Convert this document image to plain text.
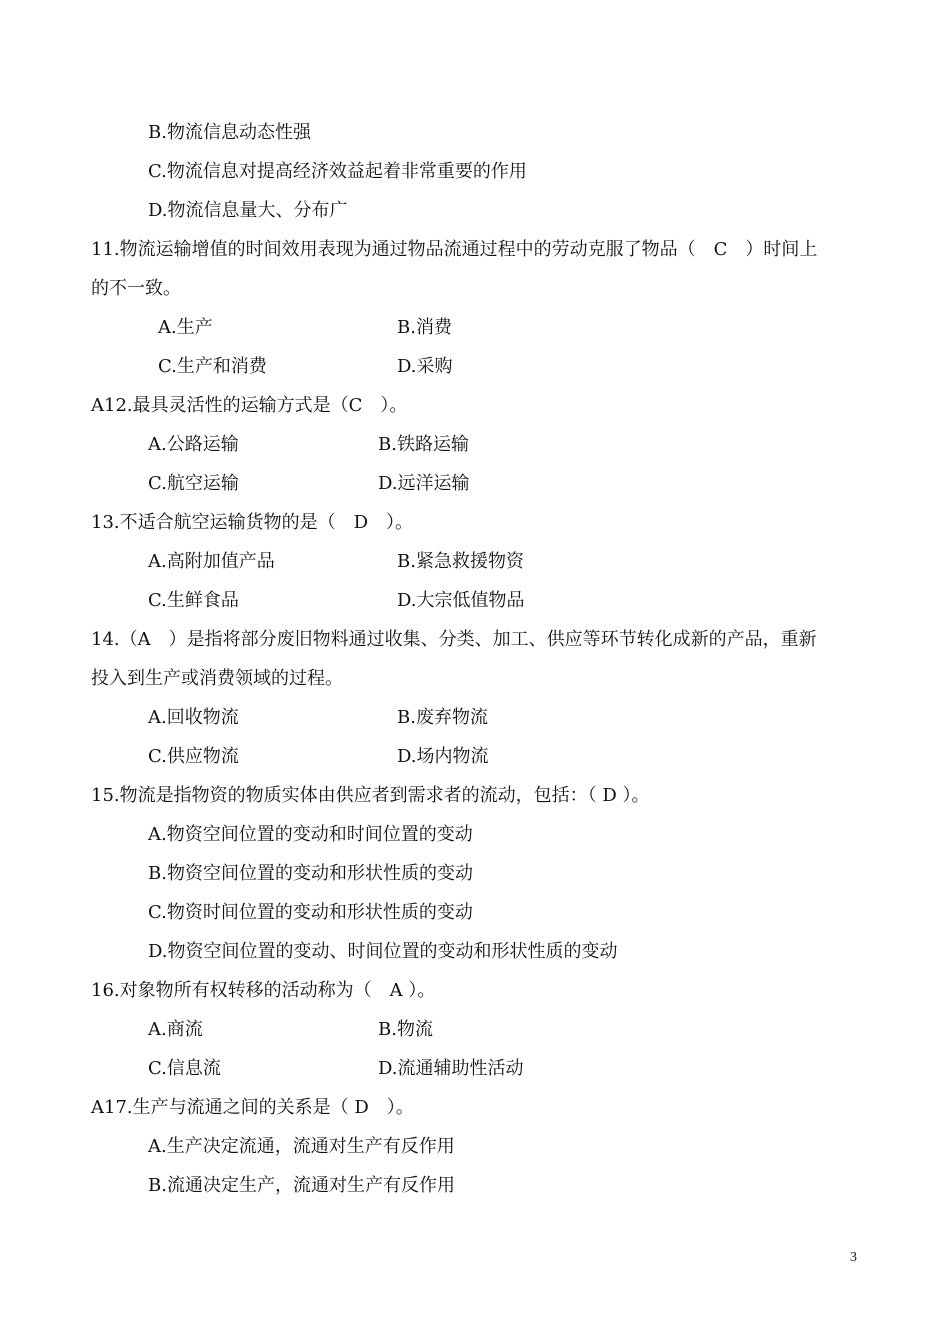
B.物流信息动态性强
C.物流信息对提高经济效益起着非常重要的作用
D.物流信息量大、分布广
11.物流运输增值的时间效用表现为通过物品流通过程中的劳动克服了物品（　C　）时间上
的不一致。
A.生产	B.消费
C.生产和消费	D.采购
A12.最具灵活性的运输方式是（C　）。
A.公路运输	B.铁路运输
C.航空运输	D.远洋运输
13.不适合航空运输货物的是（　D　）。
A.高附加值产品	B.紧急救援物资
C.生鲜食品	D.大宗低值物品
14.（A　）是指将部分废旧物料通过收集、分类、加工、供应等环节转化成新的产品，重新
投入到生产或消费领域的过程。
A.回收物流	B.废弃物流
C.供应物流	D.场内物流
15.物流是指物资的物质实体由供应者到需求者的流动，包括：（ D ）。
A.物资空间位置的变动和时间位置的变动
B.物资空间位置的变动和形状性质的变动
C.物资时间位置的变动和形状性质的变动
D.物资空间位置的变动、时间位置的变动和形状性质的变动
16.对象物所有权转移的活动称为（　A ）。
A.商流	B.物流
C.信息流	D.流通辅助性活动
A17.生产与流通之间的关系是（ D　）。
A.生产决定流通，流通对生产有反作用
B.流通决定生产，流通对生产有反作用
3
